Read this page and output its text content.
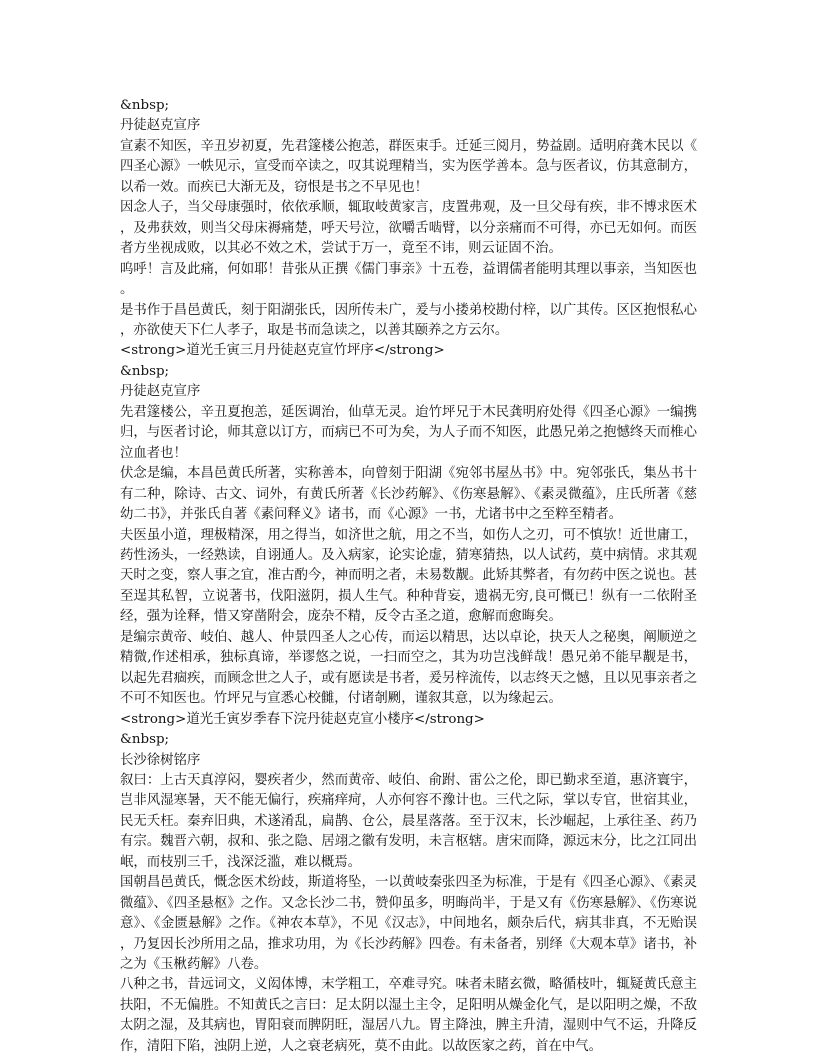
&nbsp;

丹徒赵克宣序

宣素不知医，辛丑岁初夏，先君篴楼公抱恙，群医束手。迁延三阅月，势益剧。适明府龚木民以《四圣心源》一帙见示，宣受而卒读之，叹其说理精当，实为医学善本。急与医者议，仿其意制方，以希一效。而疾已大渐无及，窃恨是书之不早见也！

因念人子，当父母康强时，依依承顺，辄取岐黄家言，庋置弗观，及一旦父母有疾，非不博求医术，及弗获效，则当父母床褥痛楚，呼天号泣，欲嚼舌啮臂，以分亲痛而不可得，亦已无如何。而医者方坐视成败，以其必不效之术，尝试于万一，竟至不讳，则云证固不治。

呜呼！言及此痛，何如耶！昔张从正撰《儒门事亲》十五卷，益谓儒者能明其理以事亲，当知医也。

是书作于昌邑黄氏，刻于阳湖张氏，因所传未广，爰与小搂弟校勘付梓，以广其传。区区抱恨私心，亦欲使天下仁人孝子，取是书而急读之，以善其颐养之方云尔。

<strong>道光壬寅三月丹徒赵克宣竹坪序</strong>

&nbsp;

丹徒赵克宣序

先君篴楼公，辛丑夏抱恙，延医调治，仙草无灵。迨竹坪兄于木民龚明府处得《四圣心源》一编携归，与医者讨论，师其意以订方，而病已不可为矣，为人子而不知医，此愚兄弟之抱憾终天而椎心泣血者也！

伏念是编，本昌邑黄氏所著，实称善本，向曾刻于阳湖《宛邻书屋丛书》中。宛邻张氏，集丛书十有二种，除诗、古文、词外，有黄氏所著《长沙药解》、《伤寒悬解》、《素灵微蕴》，庄氏所著《慈幼二书》，并张氏自著《素问释义》诸书，而《心源》一书，尤诸书中之至粹至精者。

夫医虽小道，理极精深，用之得当，如济世之航，用之不当，如伤人之刃，可不慎欤！近世庸工，药性汤头，一经熟读，自诩通人。及入病家，论实论虚，猜寒猜热，以人试药，莫中病情。求其观天时之变，察人事之宜，准古酌今，神而明之者，未易数觏。此矫其弊者，有勿药中医之说也。甚至逞其私智，立说著书，伐阳滋阴，损人生气。种种背妄，遗祸无穷,良可慨已！纵有一二依附圣经，强为诠释，惜又穿凿附会，庞杂不精，反令古圣之道，愈解而愈晦矣。

是编宗黄帝、岐伯、越人、仲景四圣人之心传，而运以精思，达以卓论，抉天人之秘奥，阐顺逆之精微,作述相承，独标真谛，举谬悠之说，一扫而空之，其为功岂浅鲜哉！愚兄弟不能早觏是书，以起先君痼疾，而顾念世之人子，或有愿读是书者，爰另梓流传，以志终天之憾，且以见事亲者之不可不知医也。竹坪兄与宣悉心校雠，付诸剞劂，谨叙其意，以为缘起云。

<strong>道光壬寅岁季春下浣丹徒赵克宣小楼序</strong>

&nbsp;

长沙徐树铭序

叙曰：上古天真淳闷，婴疾者少，然而黄帝、岐伯、俞跗、雷公之伦，即已勤求至道，惠济寰宇，岂非风湿寒暑，天不能无偏行，疾痛痒疴，人亦何容不豫计也。三代之际，掌以专官，世宿其业，民无夭枉。秦弃旧典，术遂淆乱，扁鹊、仓公，晨星落落。至于汉末，长沙崛起，上承往圣、药乃有宗。魏晋六朝，叔和、张之隐、居翊之徽有发明，未言枢辖。唐宋而降，源远末分，比之江同出岷，而枝别三千，浅深泛滥，难以概焉。

国朝昌邑黄氏，慨念医术纷歧，斯道将坠，一以黄岐秦张四圣为标准，于是有《四圣心源》、《素灵微蕴》、《四圣悬枢》之作。又念长沙二书，赞仰虽多，明晦尚半，于是又有《伤寒悬解》、《伤寒说意》、《金匮悬解》之作。《神农本草》，不见《汉志》，中间地名，颇杂后代，病其非真，不无贻误，乃复因长沙所用之品，推求功用，为《长沙药解》四卷。有未备者，别绎《大观本草》诸书，补之为《玉楸药解》八卷。

八种之书，昔远词文，义闳体博，末学粗工，卒难寻究。味者未睹玄微，略循枝叶，辄疑黄氏意主扶阳，不无偏胜。不知黄氏之言曰：足太阴以湿土主令，足阳明从燥金化气，是以阳明之燥，不敌太阴之湿，及其病也，胃阳衰而脾阴旺，湿居八九。胃主降浊，脾主升清，湿则中气不运，升降反作，清阳下陷，浊阴上逆，人之衰老病死，莫不由此。以故医家之药，首在中气。
